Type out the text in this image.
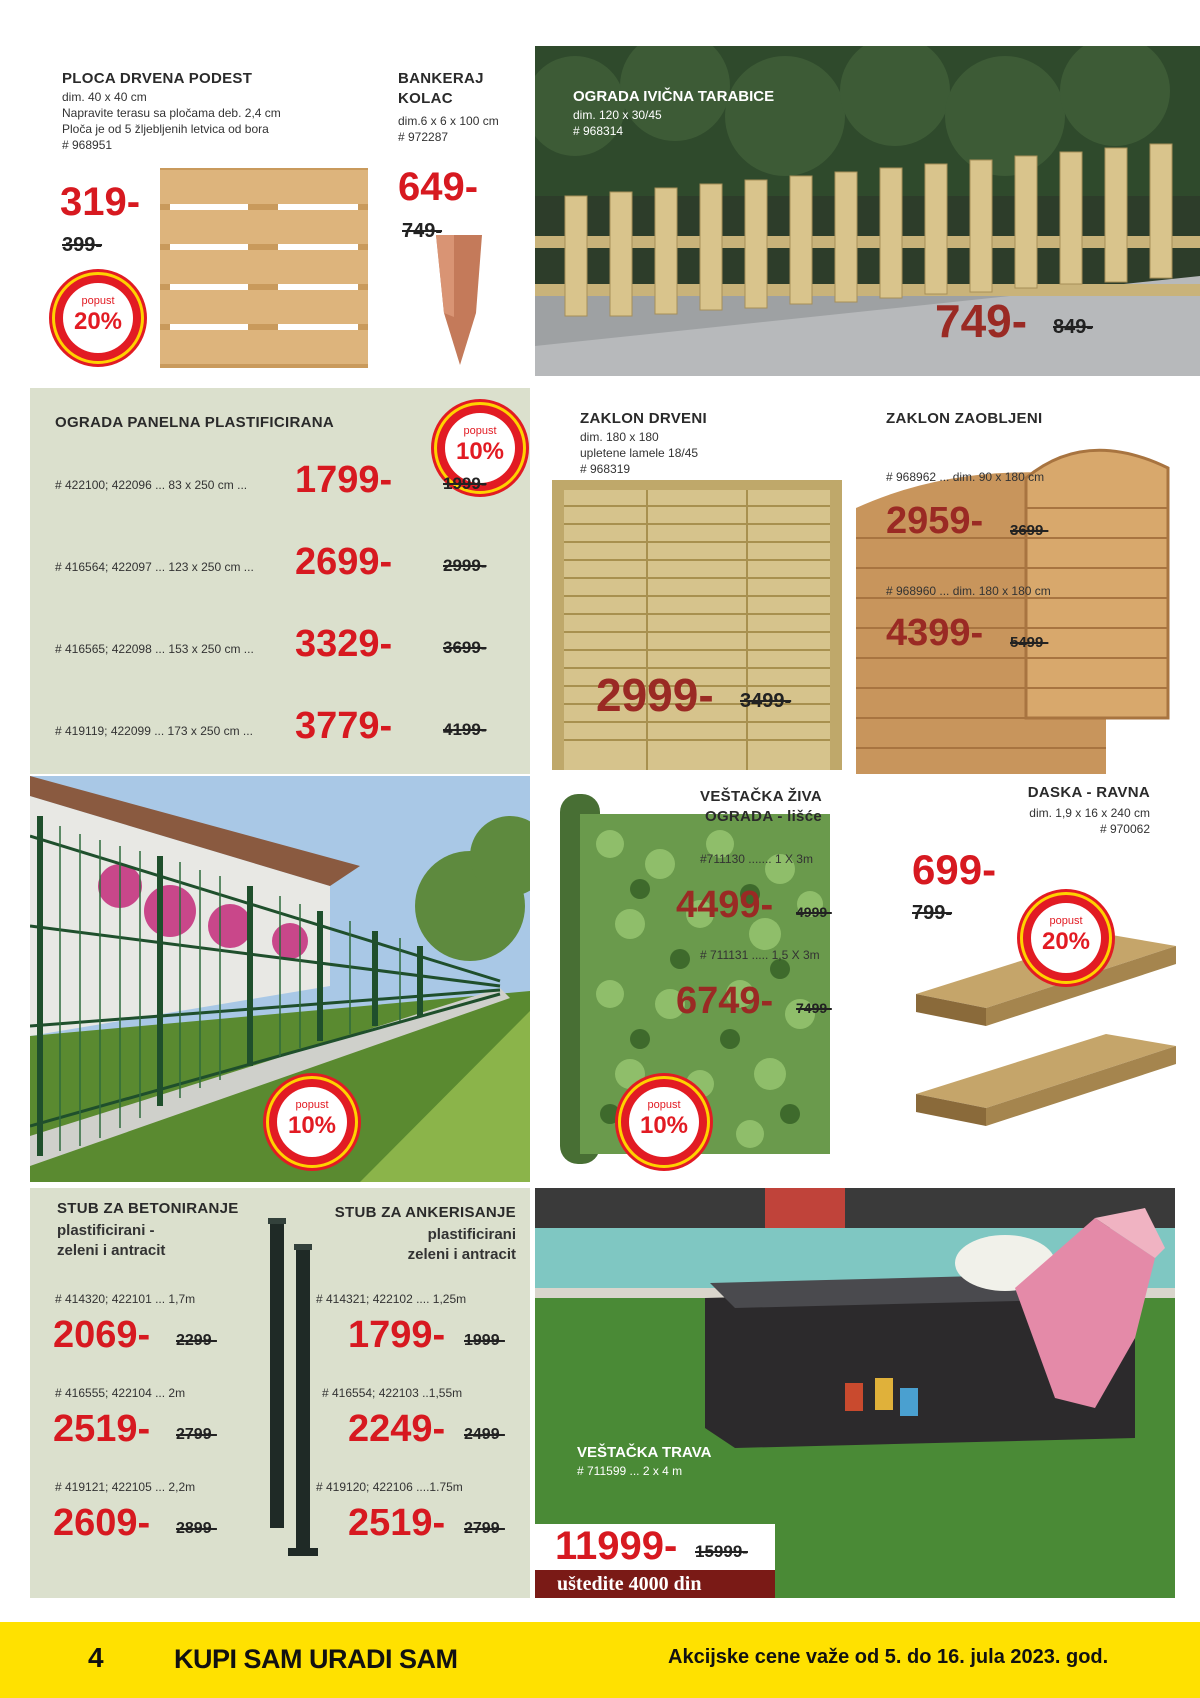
PLOCA DRVENA PODEST
dim. 40 x 40 cm
Napravite terasu sa pločama deb. 2,4 cm
Ploča je od 5 žljebljenih letvica od bora
# 968951
319-
399-
popust
20%
BANKERAJ
KOLAC
dim.6 x 6 x 100 cm
# 972287
649-
749-
OGRADA IVIČNA TARABICE
dim. 120 x 30/45
# 968314
749- 849-
OGRADA PANELNA PLASTIFICIRANA	popust
10%
# 422100; 422096 ... 83 x 250 cm ... 1799-	1999-
# 416564; 422097 ... 123 x 250 cm ... 2699-	2999-
# 416565; 422098 ... 153 x 250 cm ... 3329-	3699-
# 419119; 422099 ... 173 x 250 cm ... 3779-	4199-
ZAKLON DRVENI
dim. 180 x 180
upletene lamele 18/45
# 968319
2999- 3499-
ZAKLON ZAOBLJENI
# 968962 ... dim. 90 x 180 cm
2959- 3699-
# 968960 ... dim. 180 x 180 cm
4399- 5499-
popust
10%
VEŠTAČKA ŽIVA
OGRADA - lišće
#711130 ....... 1 X 3m
4499- 4999-
# 711131 ..... 1,5 X 3m
6749- 7499-
popust
10%
DASKA - RAVNA
dim. 1,9 x 16 x 240 cm
# 970062
699-
799-	popust
20%
STUB ZA BETONIRANJE
plastificirani -
zeleni i antracit
# 414320; 422101 ... 1,7m
2069- 2299-
# 416555; 422104 ... 2m
2519- 2799-
# 419121; 422105 ... 2,2m
2609- 2899-
STUB ZA ANKERISANJE
plastificirani
zeleni i antracit
# 414321; 422102 .... 1,25m
1799- 1999-
# 416554; 422103 ..1,55m
2249- 2499-
# 419120; 422106 ....1.75m
2519- 2799-
VEŠTAČKA TRAVA
# 711599 ... 2 x 4 m
11999- 15999-
uštedite 4000 din
4	KUPI SAM URADI SAM	Akcijske cene važe od 5. do 16. jula 2023. god.
